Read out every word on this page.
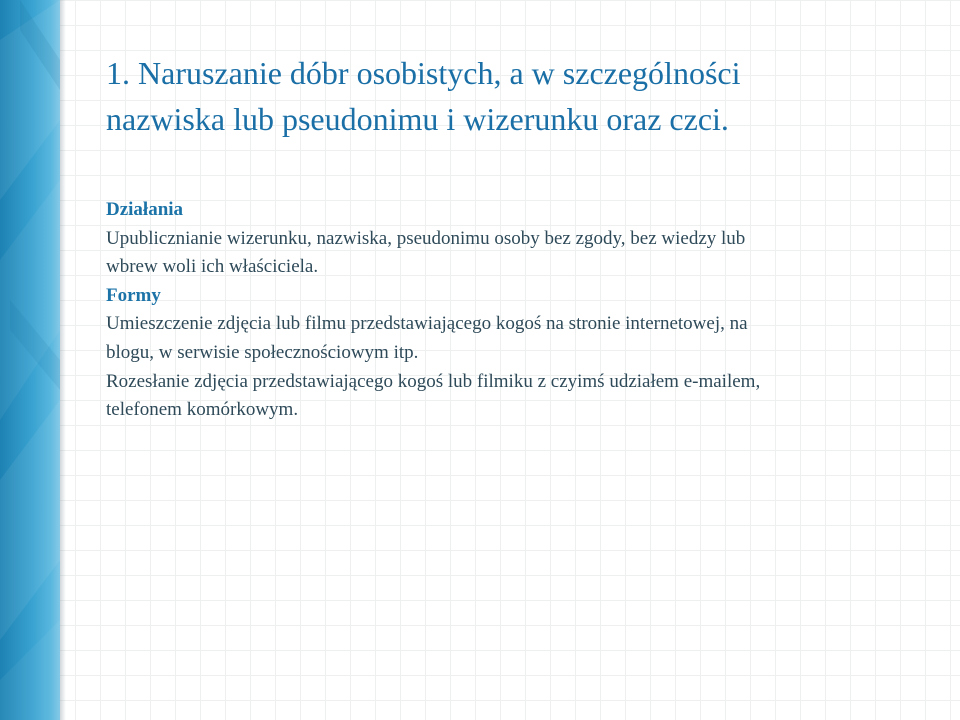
1. Naruszanie dóbr osobistych, a w szczególności
nazwiska lub pseudonimu i wizerunku oraz czci.
Działania
Upublicznianie wizerunku, nazwiska, pseudonimu osoby bez zgody, bez wiedzy lub
wbrew woli ich właściciela.
Formy
Umieszczenie zdjęcia lub filmu przedstawiającego kogoś na stronie internetowej, na
blogu, w serwisie społecznościowym itp.
Rozesłanie zdjęcia przedstawiającego kogoś lub filmiku z czyimś udziałem e-mailem,
telefonem komórkowym.
